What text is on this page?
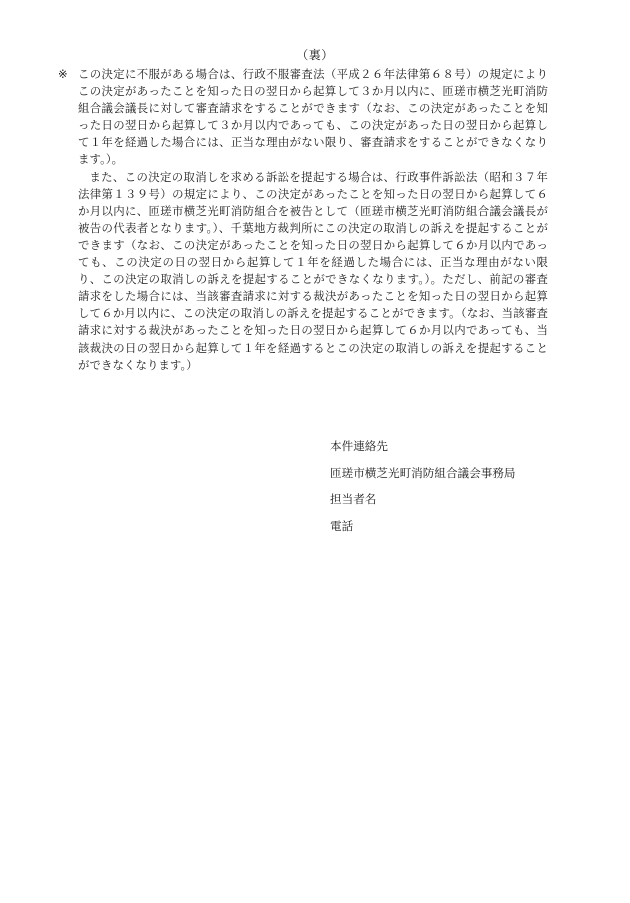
（裏）
※ この決定に不服がある場合は、行政不服審査法（平成２６年法律第６８号）の規定によりこの決定があったことを知った日の翌日から起算して３か月以内に、匝瑳市横芝光町消防組合議会議長に対して審査請求をすることができます（なお、この決定があったことを知った日の翌日から起算して３か月以内であっても、この決定があった日の翌日から起算して１年を経過した場合には、正当な理由がない限り、審査請求をすることができなくなります。）。

また、この決定の取消しを求める訴訟を提起する場合は、行政事件訴訟法（昭和３７年法律第１３９号）の規定により、この決定があったことを知った日の翌日から起算して６か月以内に、匝瑳市横芝光町消防組合を被告として（匝瑳市横芝光町消防組合議会議長が被告の代表者となります。）、千葉地方裁判所にこの決定の取消しの訴えを提起することができます（なお、この決定があったことを知った日の翌日から起算して６か月以内であっても、この決定の日の翌日から起算して１年を経過した場合には、正当な理由がない限り、この決定の取消しの訴えを提起することができなくなります。）。ただし、前記の審査請求をした場合には、当該審査請求に対する裁決があったことを知った日の翌日から起算して６か月以内に、この決定の取消しの訴えを提起することができます。（なお、当該審査請求に対する裁決があったことを知った日の翌日から起算して６か月以内であっても、当該裁決の日の翌日から起算して１年を経過するとこの決定の取消しの訴えを提起することができなくなります。）

本件連絡先

匝瑳市横芝光町消防組合議会事務局

担当者名

電話
